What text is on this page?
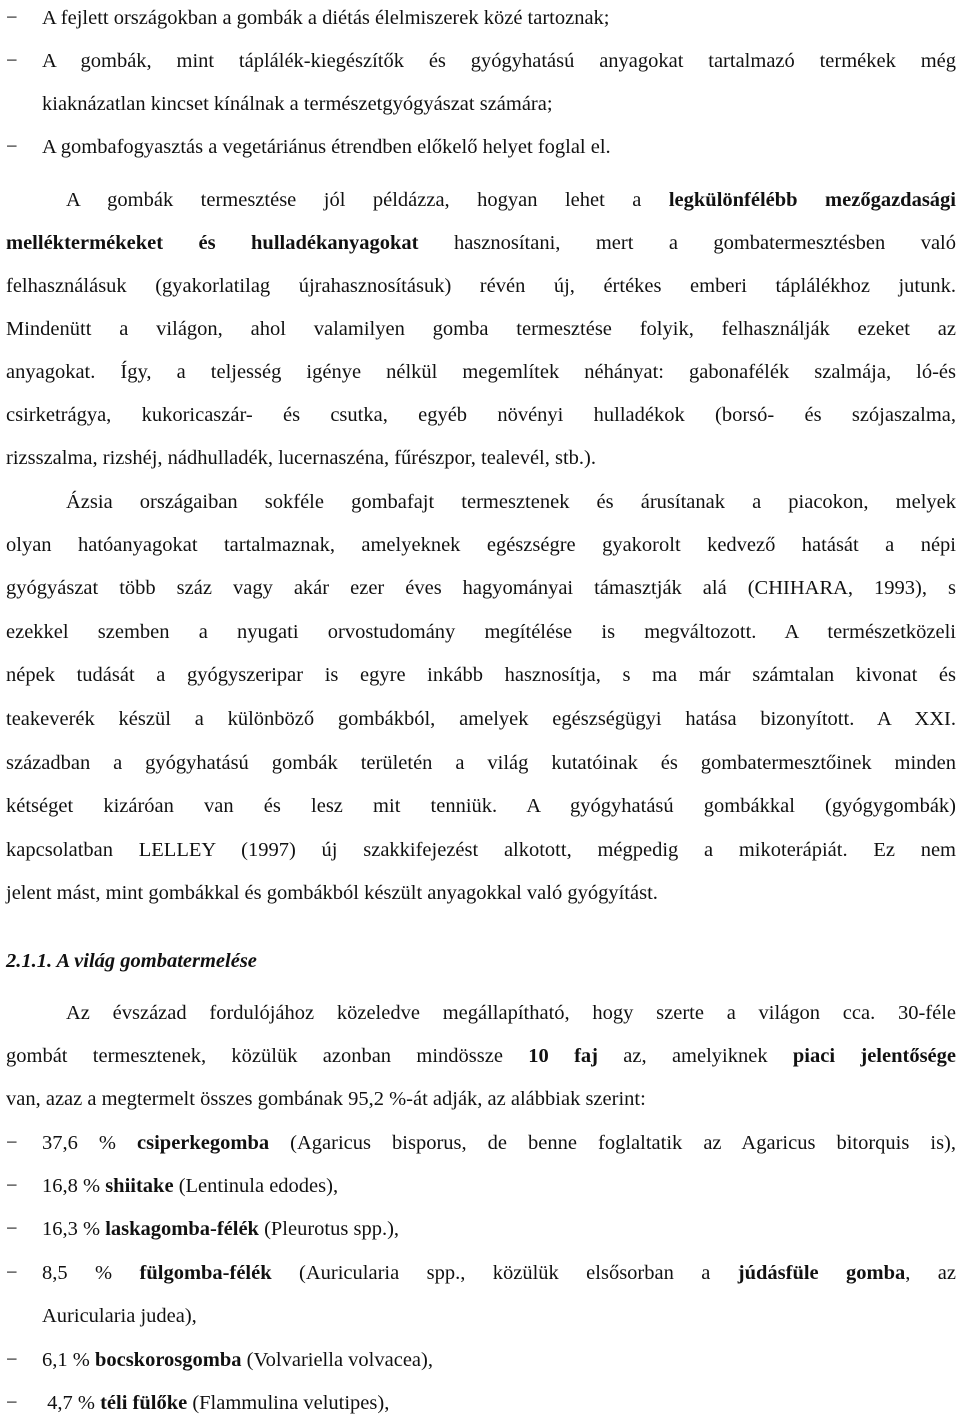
−	A fejlett országokban a gombák a diétás élelmiszerek közé tartoznak;
−	A gombák, mint táplálék-kiegészítők és gyógyhatású anyagokat tartalmazó termékek még
kiaknázatlan kincset kínálnak a természetgyógyászat számára;
−	A gombafogyasztás a vegetáriánus étrendben előkelő helyet foglal el.
A gombák termesztése jól példázza, hogyan lehet a legkülönfélébb mezőgazdasági
melléktermékeket és hulladékanyagokat hasznosítani, mert a gombatermesztésben való
felhasználásuk (gyakorlatilag újrahasznosításuk) révén új, értékes emberi táplálékhoz jutunk.
Mindenütt a világon, ahol valamilyen gomba termesztése folyik, felhasználják ezeket az
anyagokat. Így, a teljesség igénye nélkül megemlítek néhányat: gabonafélék szalmája, ló-és
csirketrágya, kukoricaszár- és csutka, egyéb növényi hulladékok (borsó- és szójaszalma,
rizsszalma, rizshéj, nádhulladék, lucernaszéna, fűrészpor, tealevél, stb.).
Ázsia országaiban sokféle gombafajt termesztenek és árusítanak a piacokon, melyek
olyan hatóanyagokat tartalmaznak, amelyeknek egészségre gyakorolt kedvező hatását a népi
gyógyászat több száz vagy akár ezer éves hagyományai támasztják alá (CHIHARA, 1993), s
ezekkel szemben a nyugati orvostudomány megítélése is megváltozott. A természetközeli
népek tudását a gyógyszeripar is egyre inkább hasznosítja, s ma már számtalan kivonat és
teakeverék készül a különböző gombákból, amelyek egészségügyi hatása bizonyított. A XXI.
században a gyógyhatású gombák területén a világ kutatóinak és gombatermesztőinek minden
kétséget kizáróan van és lesz mit tenniük. A gyógyhatású gombákkal (gyógygombák)
kapcsolatban LELLEY (1997) új szakkifejezést alkotott, mégpedig a mikoterápiát. Ez nem
jelent mást, mint gombákkal és gombákból készült anyagokkal való gyógyítást.
2.1.1. A világ gombatermelése
Az évszázad fordulójához közeledve megállapítható, hogy szerte a világon cca. 30-féle
gombát termesztenek, közülük azonban mindössze 10 faj az, amelyiknek piaci jelentősége
van, azaz a megtermelt összes gombának 95,2 %-át adják, az alábbiak szerint:
−	37,6 % csiperkegomba (Agaricus bisporus, de benne foglaltatik az Agaricus bitorquis is),
−	16,8 % shiitake (Lentinula edodes),
−	16,3 % laskagomba-félék (Pleurotus spp.),
−	8,5 % fülgomba-félék (Auricularia spp., közülük elsősorban a júdásfüle gomba, az
Auricularia judea),
−	6,1 % bocskorosgomba (Volvariella volvacea),
−	4,7 % téli fülőke (Flammulina velutipes),
